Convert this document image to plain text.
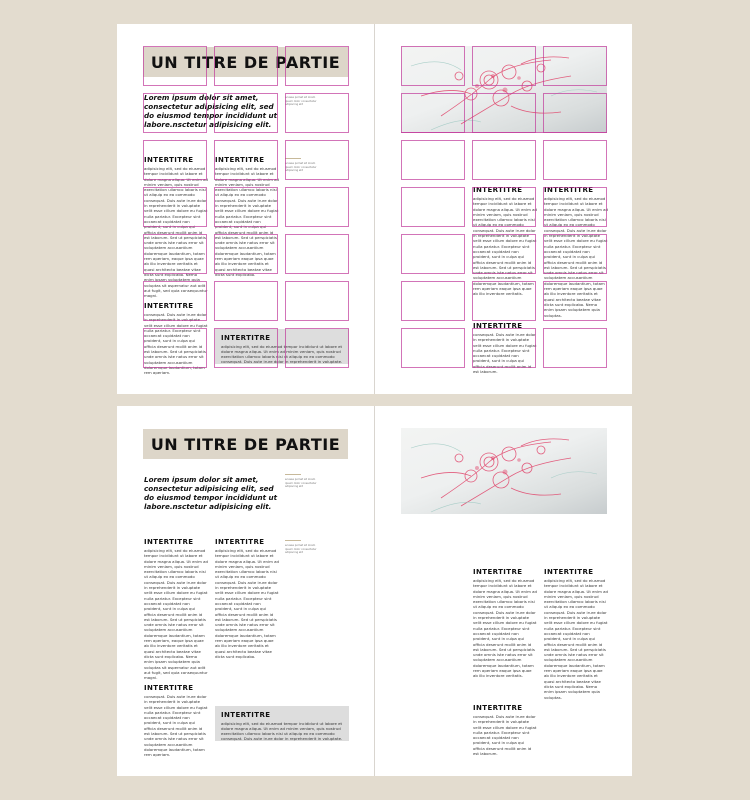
UN TITRE DE PARTIE
Lorem ipsum dolor sit amet, consectetur adipisicing elit, sed do eiusmod tempor incididunt ut labore.nsctetur adipisicing elit.
ecusse pomat sit lorem ipsum dolor consectetur adipiscing elit
ecusse pomat sit lorem ipsum dolor consectetur adipiscing elit
INTERTITRE
adipisicing elit, sed do eiusmod tempor incididunt ut labore et dolore magna aliqua. Ut enim ad minim veniam, quis nostrud exercitation ullamco laboris nisi ut aliquip ex ea commodo consequat. Duis aute irure dolor in reprehenderit in voluptate velit esse cillum dolore eu fugiat nulla pariatur. Excepteur sint occaecat cupidatat non proident, sunt in culpa qui officia deserunt mollit anim id est laborum. Sed ut perspiciatis unde omnis iste natus error sit voluptatem accusantium doloremque laudantium, totam rem aperiam, eaque ipsa quae ab illo inventore veritatis et quasi architecto beatae vitae dicta sunt explicabo. Nemo enim ipsam voluptatem quia voluptas sit aspernatur aut odit aut fugit, sed quia consequuntur magni.
INTERTITRE
consequat. Duis aute irure dolor in reprehenderit in voluptate velit esse cillum dolore eu fugiat nulla pariatur. Excepteur sint occaecat cupidatat non proident, sunt in culpa qui officia deserunt mollit anim id est laborum. Sed ut perspiciatis unde omnis iste natus error sit voluptatem accusantium doloremque laudantium, totam rem aperiam.
INTERTITRE
adipisicing elit, sed do eiusmod tempor incididunt ut labore et dolore magna aliqua. Ut enim ad minim veniam, quis nostrud exercitation ullamco laboris nisi ut aliquip ex ea commodo consequat. Duis aute irure dolor in reprehenderit in voluptate velit esse cillum dolore eu fugiat nulla pariatur. Excepteur sint occaecat cupidatat non proident, sunt in culpa qui officia deserunt mollit anim id est laborum. Sed ut perspiciatis unde omnis iste natus error sit voluptatem accusantium doloremque laudantium, totam rem aperiam eaque ipsa quae ab illo inventore veritatis et quasi architecto beatae vitae dicta sunt explicabo.
INTERTITRE
adipisicing elit, sed do eiusmod tempor incididunt ut labore et dolore magna aliqua. Ut enim ad minim veniam, quis nostrud exercitation ullamco laboris nisi ut aliquip ex ea commodo consequat. Duis aute irure dolor in reprehenderit in voluptate.
INTERTITRE
adipisicing elit, sed do eiusmod tempor incididunt ut labore et dolore magna aliqua. Ut enim ad minim veniam, quis nostrud exercitation ullamco laboris nisi ut aliquip ex ea commodo consequat. Duis aute irure dolor in reprehenderit in voluptate velit esse cillum dolore eu fugiat nulla pariatur. Excepteur sint occaecat cupidatat non proident, sunt in culpa qui officia deserunt mollit anim id est laborum. Sed ut perspiciatis unde omnis iste natus error sit voluptatem accusantium doloremque laudantium, totam rem aperiam eaque ipsa quae ab illo inventore veritatis.
INTERTITRE
consequat. Duis aute irure dolor in reprehenderit in voluptate velit esse cillum dolore eu fugiat nulla pariatur. Excepteur sint occaecat cupidatat non proident, sunt in culpa qui officia deserunt mollit anim id est laborum.
INTERTITRE
adipisicing elit, sed do eiusmod tempor incididunt ut labore et dolore magna aliqua. Ut enim ad minim veniam, quis nostrud exercitation ullamco laboris nisi ut aliquip ex ea commodo consequat. Duis aute irure dolor in reprehenderit in voluptate velit esse cillum dolore eu fugiat nulla pariatur. Excepteur sint occaecat cupidatat non proident, sunt in culpa qui officia deserunt mollit anim id est laborum. Sed ut perspiciatis unde omnis iste natus error sit voluptatem accusantium doloremque laudantium, totam rem aperiam eaque ipsa quae ab illo inventore veritatis et quasi architecto beatae vitae dicta sunt explicabo. Nemo enim ipsam voluptatem quia voluptas.
UN TITRE DE PARTIE
Lorem ipsum dolor sit amet, consectetur adipisicing elit, sed do eiusmod tempor incididunt ut labore.nsctetur adipisicing elit.
ecusse pomat sit lorem ipsum dolor consectetur adipiscing elit
ecusse pomat sit lorem ipsum dolor consectetur adipiscing elit
INTERTITRE
adipisicing elit, sed do eiusmod tempor incididunt ut labore et dolore magna aliqua. Ut enim ad minim veniam, quis nostrud exercitation ullamco laboris nisi ut aliquip ex ea commodo consequat. Duis aute irure dolor in reprehenderit in voluptate velit esse cillum dolore eu fugiat nulla pariatur. Excepteur sint occaecat cupidatat non proident, sunt in culpa qui officia deserunt mollit anim id est laborum. Sed ut perspiciatis unde omnis iste natus error sit voluptatem accusantium doloremque laudantium, totam rem aperiam, eaque ipsa quae ab illo inventore veritatis et quasi architecto beatae vitae dicta sunt explicabo. Nemo enim ipsam voluptatem quia voluptas sit aspernatur aut odit aut fugit, sed quia consequuntur magni.
INTERTITRE
consequat. Duis aute irure dolor in reprehenderit in voluptate velit esse cillum dolore eu fugiat nulla pariatur. Excepteur sint occaecat cupidatat non proident, sunt in culpa qui officia deserunt mollit anim id est laborum. Sed ut perspiciatis unde omnis iste natus error sit voluptatem accusantium doloremque laudantium, totam rem aperiam.
INTERTITRE
adipisicing elit, sed do eiusmod tempor incididunt ut labore et dolore magna aliqua. Ut enim ad minim veniam, quis nostrud exercitation ullamco laboris nisi ut aliquip ex ea commodo consequat. Duis aute irure dolor in reprehenderit in voluptate velit esse cillum dolore eu fugiat nulla pariatur. Excepteur sint occaecat cupidatat non proident, sunt in culpa qui officia deserunt mollit anim id est laborum. Sed ut perspiciatis unde omnis iste natus error sit voluptatem accusantium doloremque laudantium, totam rem aperiam eaque ipsa quae ab illo inventore veritatis et quasi architecto beatae vitae dicta sunt explicabo.
INTERTITRE
adipisicing elit, sed do eiusmod tempor incididunt ut labore et dolore magna aliqua. Ut enim ad minim veniam, quis nostrud exercitation ullamco laboris nisi ut aliquip ex ea commodo consequat. Duis aute irure dolor in reprehenderit in voluptate.
INTERTITRE
adipisicing elit, sed do eiusmod tempor incididunt ut labore et dolore magna aliqua. Ut enim ad minim veniam, quis nostrud exercitation ullamco laboris nisi ut aliquip ex ea commodo consequat. Duis aute irure dolor in reprehenderit in voluptate velit esse cillum dolore eu fugiat nulla pariatur. Excepteur sint occaecat cupidatat non proident, sunt in culpa qui officia deserunt mollit anim id est laborum. Sed ut perspiciatis unde omnis iste natus error sit voluptatem accusantium doloremque laudantium, totam rem aperiam eaque ipsa quae ab illo inventore veritatis.
INTERTITRE
consequat. Duis aute irure dolor in reprehenderit in voluptate velit esse cillum dolore eu fugiat nulla pariatur. Excepteur sint occaecat cupidatat non proident, sunt in culpa qui officia deserunt mollit anim id est laborum.
INTERTITRE
adipisicing elit, sed do eiusmod tempor incididunt ut labore et dolore magna aliqua. Ut enim ad minim veniam, quis nostrud exercitation ullamco laboris nisi ut aliquip ex ea commodo consequat. Duis aute irure dolor in reprehenderit in voluptate velit esse cillum dolore eu fugiat nulla pariatur. Excepteur sint occaecat cupidatat non proident, sunt in culpa qui officia deserunt mollit anim id est laborum. Sed ut perspiciatis unde omnis iste natus error sit voluptatem accusantium doloremque laudantium, totam rem aperiam eaque ipsa quae ab illo inventore veritatis et quasi architecto beatae vitae dicta sunt explicabo. Nemo enim ipsam voluptatem quia voluptas.
